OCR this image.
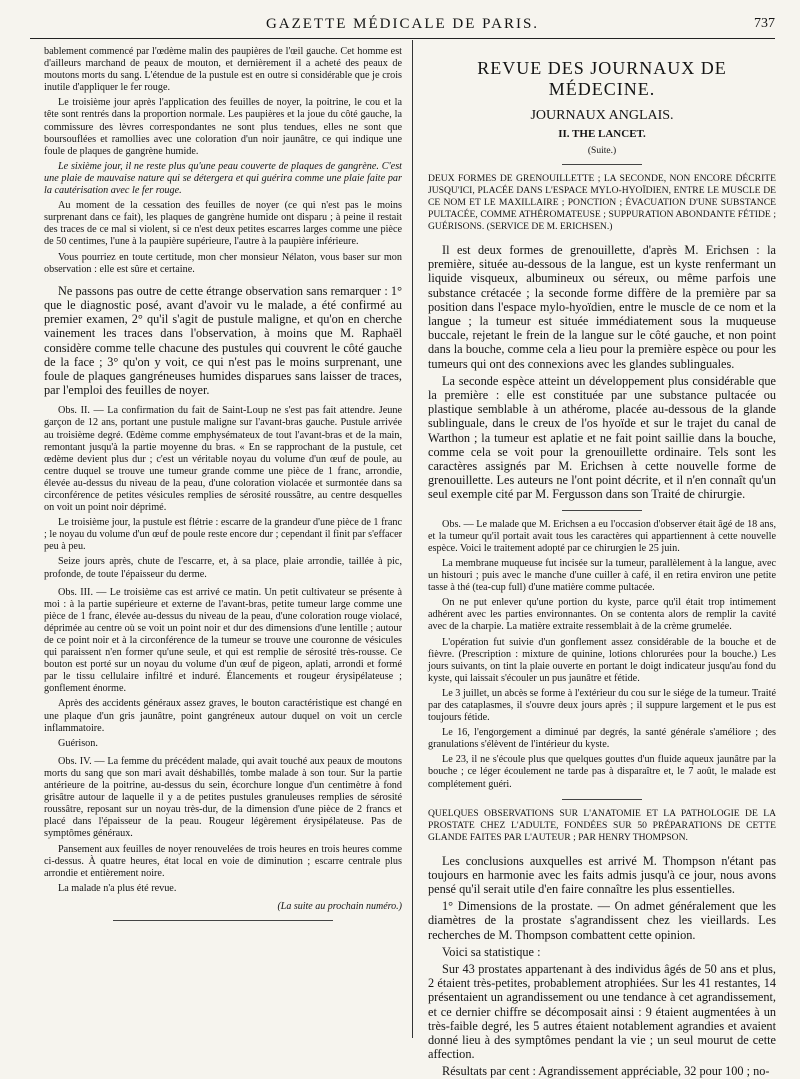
GAZETTE MÉDICALE DE PARIS.	737

bablement commencé par l'œdème malin des paupières de l'œil gauche. Cet homme est d'ailleurs marchand de peaux de mouton, et dernièrement il a acheté des peaux de moutons morts du sang. L'étendue de la pustule est en outre si considérable que je crois inutile d'appliquer le fer rouge.

Le troisième jour après l'application des feuilles de noyer, la poitrine, le cou et la tête sont rentrés dans la proportion normale. Les paupières et la joue du côté gauche, la commissure des lèvres correspondantes ne sont plus tendues, elles ne sont que boursouflées et ramollies avec une coloration d'un noir jaunâtre, ce qui indique une foule de plaques de gangrène humide.

Le sixième jour, il ne reste plus qu'une peau couverte de plaques de gangrène. C'est une plaie de mauvaise nature qui se détergera et qui guérira comme une plaie faite par la cautérisation avec le fer rouge.

Au moment de la cessation des feuilles de noyer (ce qui n'est pas le moins surprenant dans ce fait), les plaques de gangrène humide ont disparu ; à peine il restait des traces de ce mal si violent, si ce n'est deux petites escarres larges comme une pièce de 50 centimes, l'une à la paupière supérieure, l'autre à la paupière inférieure.

Vous pourriez en toute certitude, mon cher monsieur Nélaton, vous baser sur mon observation : elle est sûre et certaine.

Ne passons pas outre de cette étrange observation sans remarquer : 1° que le diagnostic posé, avant d'avoir vu le malade, a été confirmé au premier examen, 2° qu'il s'agit de pustule maligne, et qu'on en cherche vainement les traces dans l'observation, à moins que M. Raphaël considère comme telle chacune des pustules qui couvrent le côté gauche de la face ; 3° qu'on y voit, ce qui n'est pas le moins surprenant, une foule de plaques gangréneuses humides disparues sans laisser de traces, par l'emploi des feuilles de noyer.

Obs. II. — La confirmation du fait de Saint-Loup ne s'est pas fait attendre. Jeune garçon de 12 ans, portant une pustule maligne sur l'avant-bras gauche. Pustule arrivée au troisième degré. Œdème comme emphysémateux de tout l'avant-bras et de la main, remontant jusqu'à la partie moyenne du bras. « En se rapprochant de la pustule, cet œdème devient plus dur ; c'est un véritable noyau du volume d'un œuf de poule, au centre duquel se trouve une tumeur grande comme une pièce de 1 franc, arrondie, élevée au-dessus du niveau de la peau, d'une coloration violacée et surmontée dans sa circonférence de petites vésicules remplies de sérosité roussâtre, au centre desquelles on voit un point noir déprimé.

Le troisième jour, la pustule est flétrie : escarre de la grandeur d'une pièce de 1 franc ; le noyau du volume d'un œuf de poule reste encore dur ; cependant il finit par s'effacer peu à peu.

Seize jours après, chute de l'escarre, et, à sa place, plaie arrondie, taillée à pic, profonde, de toute l'épaisseur du derme.

Obs. III. — Le troisième cas est arrivé ce matin. Un petit cultivateur se présente à moi : à la partie supérieure et externe de l'avant-bras, petite tumeur large comme une pièce de 1 franc, élevée au-dessus du niveau de la peau, d'une coloration rouge violacé, déprimée au centre où se voit un point noir et dur des dimensions d'une lentille ; autour de ce point noir et à la circonférence de la tumeur se trouve une couronne de vésicules qui paraissent n'en former qu'une seule, et qui est remplie de sérosité très-rousse. Ce bouton est porté sur un noyau du volume d'un œuf de pigeon, aplati, arrondi et formé par le tissu cellulaire infiltré et induré. Élancements et rougeur érysipélateuse ; gonflement énorme.

Après des accidents généraux assez graves, le bouton caractéristique est changé en une plaque d'un gris jaunâtre, point gangréneux autour duquel on voit un cercle inflammatoire.

Guérison.

Obs. IV. — La femme du précédent malade, qui avait touché aux peaux de moutons morts du sang que son mari avait déshabillés, tombe malade à son tour. Sur la partie antérieure de la poitrine, au-dessus du sein, écorchure longue d'un centimètre à fond grisâtre autour de laquelle il y a de petites pustules granuleuses remplies de sérosité roussâtre, reposant sur un noyau très-dur, de la dimension d'une pièce de 2 francs et placé dans l'épaisseur de la peau. Rougeur légèrement érysipélateuse. Pas de symptômes généraux.

Pansement aux feuilles de noyer renouvelées de trois heures en trois heures comme ci-dessus. À quatre heures, état local en voie de diminution ; escarre centrale plus arrondie et entièrement noire.

La malade n'a plus été revue.

(La suite au prochain numéro.)

REVUE DES JOURNAUX DE MÉDECINE.
JOURNAUX ANGLAIS.
II. THE LANCET.
(Suite.)
DEUX FORMES DE GRENOUILLETTE ; LA SECONDE, NON ENCORE DÉCRITE JUSQU'ICI, PLACÉE DANS L'ESPACE MYLO-HYOÏDIEN, ENTRE LE MUSCLE DE CE NOM ET LE MAXILLAIRE ; PONCTION ; ÉVACUATION D'UNE SUBSTANCE PULTACÉE, COMME ATHÉROMATEUSE ; SUPPURATION ABONDANTE FÉTIDE ; GUÉRISONS. (SERVICE DE M. ERICHSEN.)

Il est deux formes de grenouillette, d'après M. Erichsen : la première, située au-dessous de la langue, est un kyste renfermant un liquide visqueux, albumineux ou séreux, ou même parfois une substance crétacée ; la seconde forme diffère de la première par sa position dans l'espace mylo-hyoïdien, entre le muscle de ce nom et la langue ; la tumeur est située immédiatement sous la muqueuse buccale, rejetant le frein de la langue sur le côté gauche, et non point dans la bouche, comme cela a lieu pour la première espèce ou pour les tumeurs qui ont des connexions avec les glandes sublinguales.

La seconde espèce atteint un développement plus considérable que la première : elle est constituée par une substance pultacée ou plastique semblable à un athérome, placée au-dessous de la glande sublinguale, dans le creux de l'os hyoïde et sur le trajet du canal de Warthon ; la tumeur est aplatie et ne fait point saillie dans la bouche, comme cela se voit pour la grenouillette ordinaire. Tels sont les caractères assignés par M. Erichsen à cette nouvelle forme de grenouillette. Les auteurs ne l'ont point décrite, et il n'en connaît qu'un seul exemple cité par M. Fergusson dans son Traité de chirurgie.

Obs. — Le malade que M. Erichsen a eu l'occasion d'observer était âgé de 18 ans, et la tumeur qu'il portait avait tous les caractères qui appartiennent à cette nouvelle espèce. Voici le traitement adopté par ce chirurgien le 25 juin.

La membrane muqueuse fut incisée sur la tumeur, parallèlement à la langue, avec un histouri ; puis avec le manche d'une cuiller à café, il en retira environ une petite tasse à thé (tea-cup full) d'une matière comme pultacée.

On ne put enlever qu'une portion du kyste, parce qu'il était trop intimement adhérent avec les parties environnantes. On se contenta alors de remplir la cavité avec de la charpie. La matière extraite ressemblait à de la crème grumelée.

L'opération fut suivie d'un gonflement assez considérable de la bouche et de fièvre. (Prescription : mixture de quinine, lotions chlorurées pour la bouche.) Les jours suivants, on tint la plaie ouverte en portant le doigt indicateur jusqu'au fond du kyste, qui laissait s'écouler un pus jaunâtre et fétide.

Le 3 juillet, un abcès se forme à l'extérieur du cou sur le siége de la tumeur. Traité par des cataplasmes, il s'ouvre deux jours après ; il suppure largement et le pus est toujours fétide.

Le 16, l'engorgement a diminué par degrés, la santé générale s'améliore ; des granulations s'élèvent de l'intérieur du kyste.

Le 23, il ne s'écoule plus que quelques gouttes d'un fluide aqueux jaunâtre par la bouche ; ce léger écoulement ne tarde pas à disparaître et, le 7 août, le malade est complétement guéri.

QUELQUES OBSERVATIONS SUR L'ANATOMIE ET LA PATHOLOGIE DE LA PROSTATE CHEZ L'ADULTE, FONDÉES SUR 50 PRÉPARATIONS DE CETTE GLANDE FAITES PAR L'AUTEUR ; PAR HENRY THOMPSON.

Les conclusions auxquelles est arrivé M. Thompson n'étant pas toujours en harmonie avec les faits admis jusqu'à ce jour, nous avons pensé qu'il serait utile d'en faire connaître les plus essentielles.

1° Dimensions de la prostate. — On admet généralement que les diamètres de la prostate s'agrandissent chez les vieillards. Les recherches de M. Thompson combattent cette opinion.

Voici sa statistique :

Sur 43 prostates appartenant à des individus âgés de 50 ans et plus, 2 étaient très-petites, probablement atrophiées. Sur les 41 restantes, 14 présentaient un agrandissement ou une tendance à cet agrandissement, et ce dernier chiffre se décomposait ainsi : 9 étaient augmentées à un très-faible degré, les 5 autres étaient notablement agrandies et avaient donné lieu à des symptômes pendant la vie ; un seul mourut de cette affection.

Résultats par cent : Agrandissement appréciable, 32 pour 100 ; no-
